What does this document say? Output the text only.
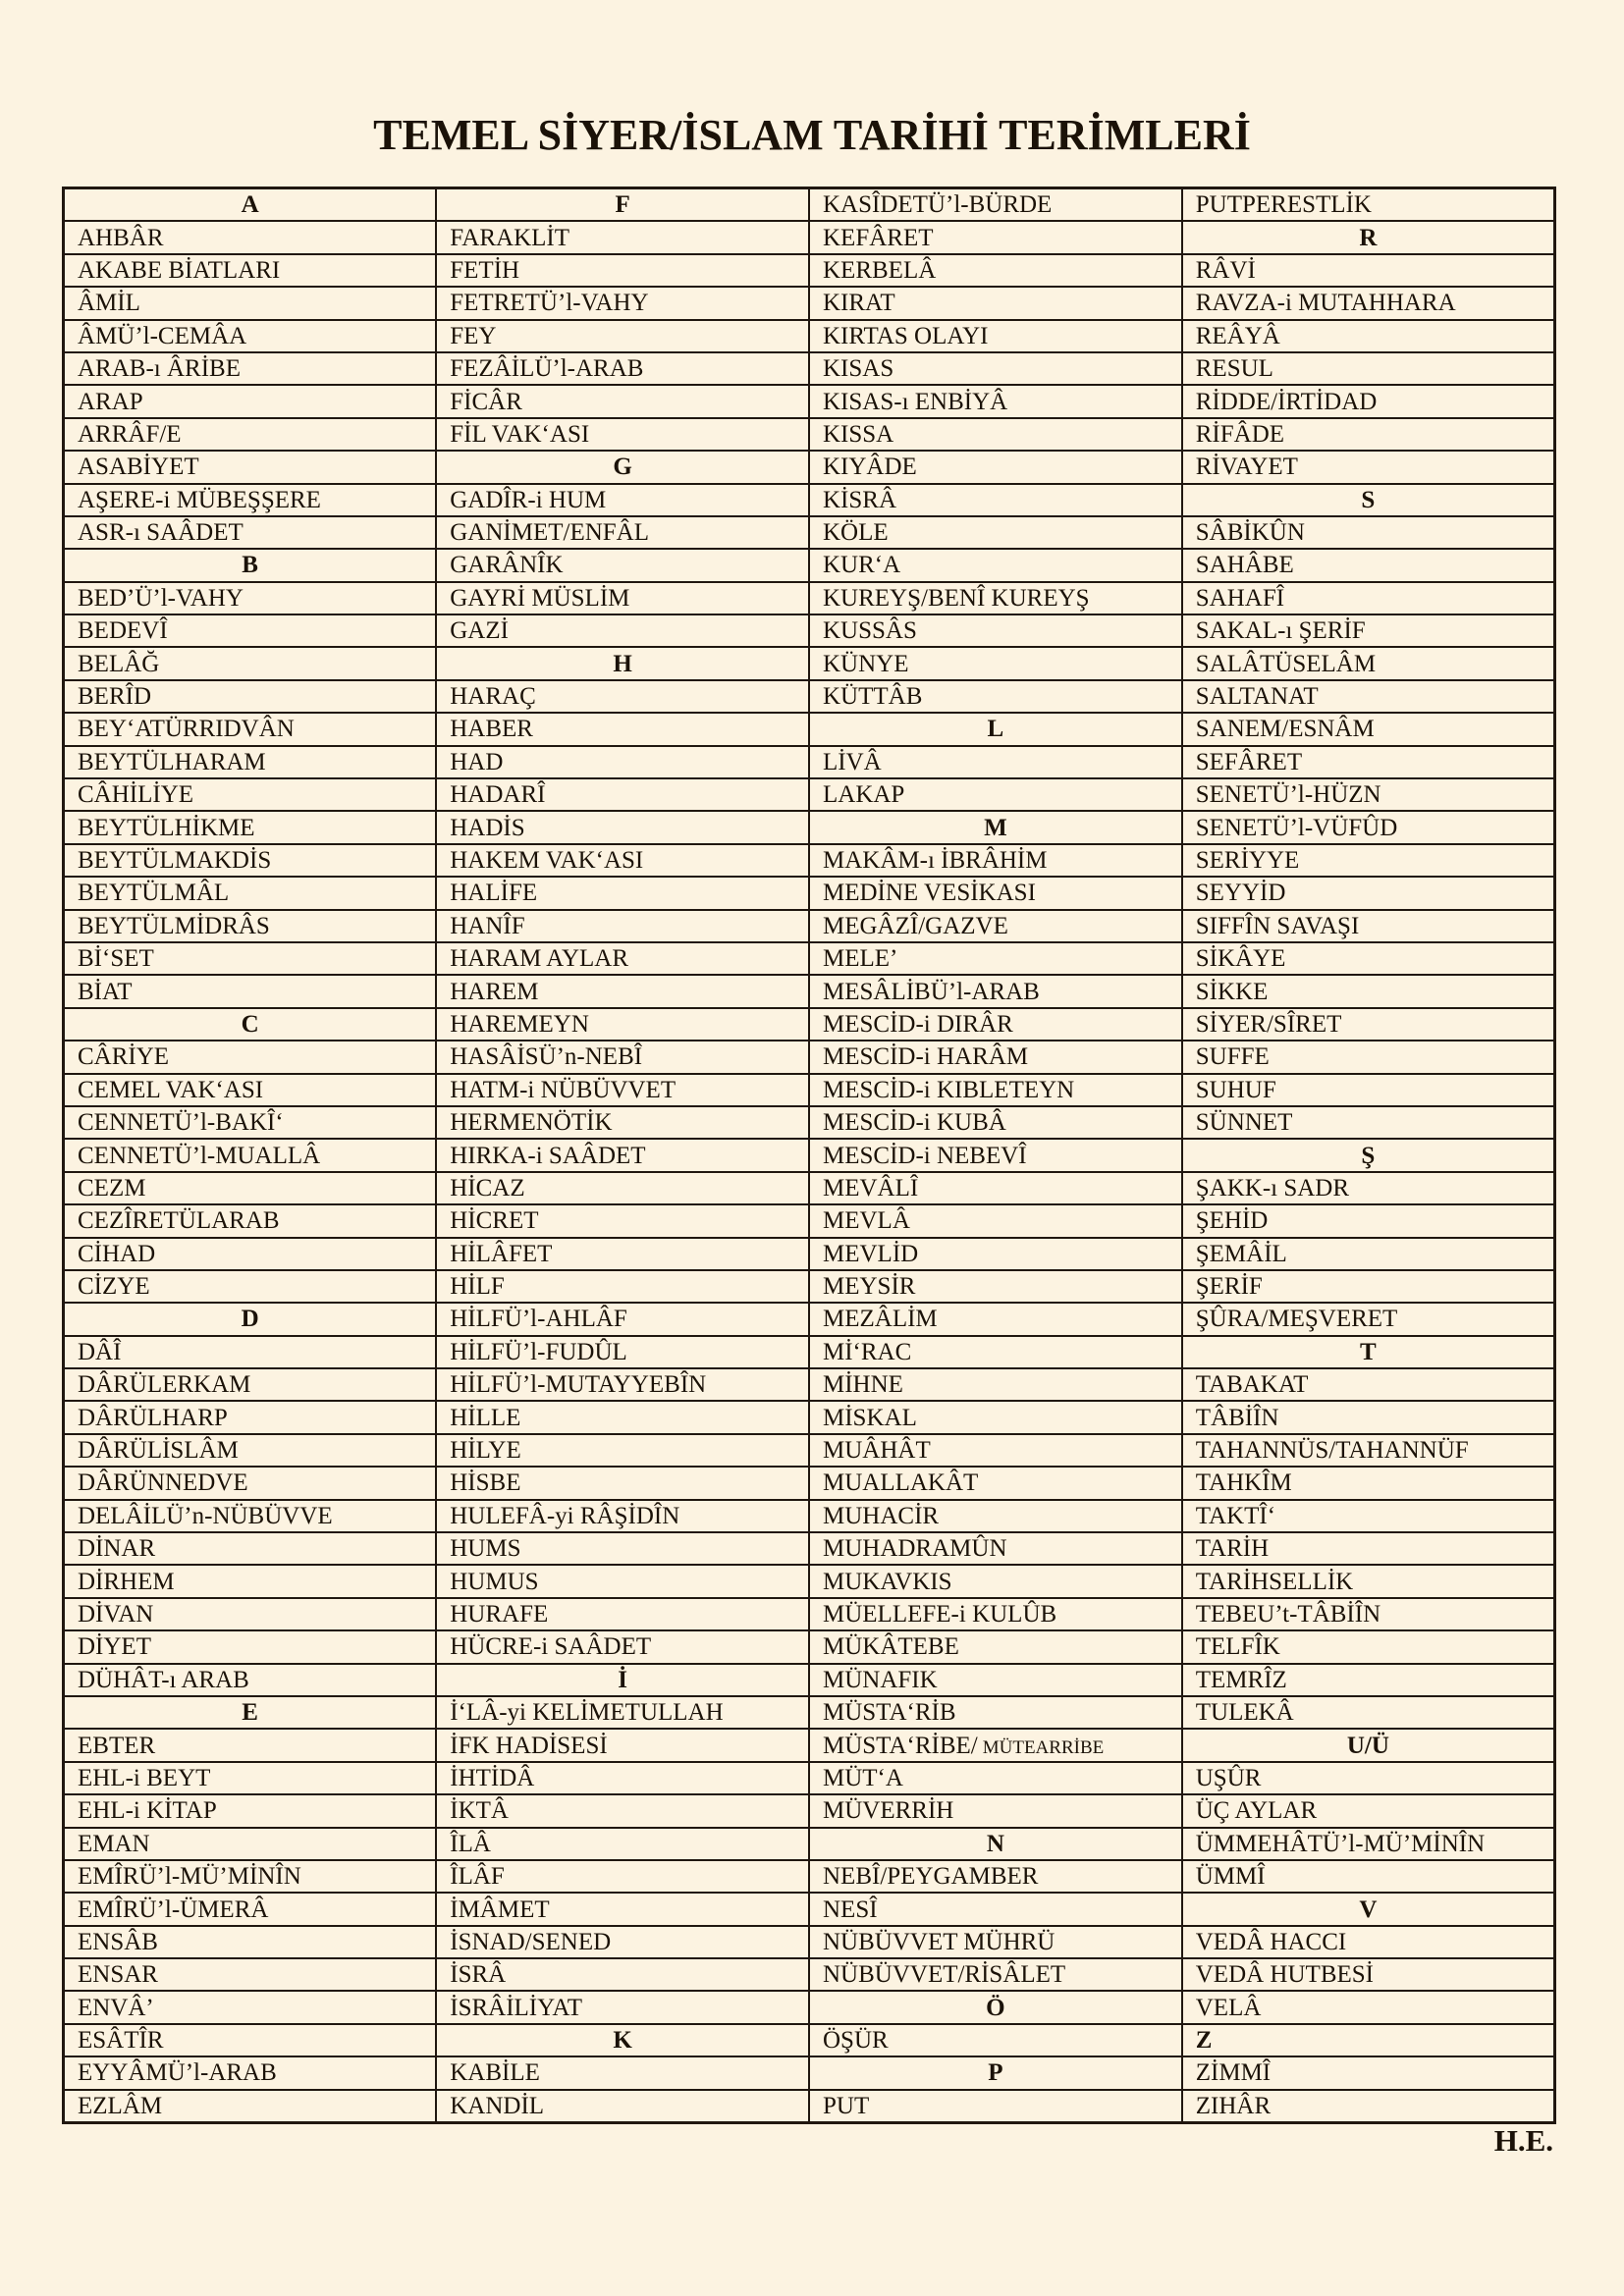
TEMEL SİYER/İSLAM TARİHİ TERİMLERİ
A	F	KASÎDETÜ’l-BÜRDE	PUTPERESTLİK
AHBÂR	FARAKLİT	KEFÂRET	R
AKABE BİATLARI	FETİH	KERBELÂ	RÂVİ
ÂMİL	FETRETÜ’l-VAHY	KIRAT	RAVZA-i MUTAHHARA
ÂMÜ’l-CEMÂA	FEY	KIRTAS OLAYI	REÂYÂ
ARAB-ı ÂRİBE	FEZÂİLÜ’l-ARAB	KISAS	RESUL
ARAP	FİCÂR	KISAS-ı ENBİYÂ	RİDDE/İRTİDAD
ARRÂF/E	FİL VAK‘ASI	KISSA	RİFÂDE
ASABİYET	G	KIYÂDE	RİVAYET
AŞERE-i MÜBEŞŞERE	GADÎR-i HUM	KİSRÂ	S
ASR-ı SAÂDET	GANİMET/ENFÂL	KÖLE	SÂBİKÛN
B	GARÂNÎK	KUR‘A	SAHÂBE
BED’Ü’l-VAHY	GAYRİ MÜSLİM	KUREYŞ/BENÎ KUREYŞ	SAHAFÎ
BEDEVÎ	GAZİ	KUSSÂS	SAKAL-ı ŞERİF
BELÂĞ	H	KÜNYE	SALÂTÜSELÂM
BERÎD	HARAÇ	KÜTTÂB	SALTANAT
BEY‘ATÜRRIDVÂN	HABER	L	SANEM/ESNÂM
BEYTÜLHARAM	HAD	LİVÂ	SEFÂRET
CÂHİLİYE	HADARÎ	LAKAP	SENETÜ’l-HÜZN
BEYTÜLHİKME	HADİS	M	SENETÜ’l-VÜFÛD
BEYTÜLMAKDİS	HAKEM VAK‘ASI	MAKÂM-ı İBRÂHİM	SERİYYE
BEYTÜLMÂL	HALİFE	MEDİNE VESİKASI	SEYYİD
BEYTÜLMİDRÂS	HANÎF	MEGÂZÎ/GAZVE	SIFFÎN SAVAŞI
Bİ‘SET	HARAM AYLAR	MELE’	SİKÂYE
BİAT	HAREM	MESÂLİBÜ’l-ARAB	SİKKE
C	HAREMEYN	MESCİD-i DIRÂR	SİYER/SÎRET
CÂRİYE	HASÂİSÜ’n-NEBÎ	MESCİD-i HARÂM	SUFFE
CEMEL VAK‘ASI	HATM-i NÜBÜVVET	MESCİD-i KIBLETEYN	SUHUF
CENNETÜ’l-BAKÎ‘	HERMENÖTİK	MESCİD-i KUBÂ	SÜNNET
CENNETÜ’l-MUALLÂ	HIRKA-i SAÂDET	MESCİD-i NEBEVÎ	Ş
CEZM	HİCAZ	MEVÂLÎ	ŞAKK-ı SADR
CEZÎRETÜLARAB	HİCRET	MEVLÂ	ŞEHİD
CİHAD	HİLÂFET	MEVLİD	ŞEMÂİL
CİZYE	HİLF	MEYSİR	ŞERİF
D	HİLFÜ’l-AHLÂF	MEZÂLİM	ŞÛRA/MEŞVERET
DÂÎ	HİLFÜ’l-FUDÛL	Mİ‘RAC	T
DÂRÜLERKAM	HİLFÜ’l-MUTAYYEBÎN	MİHNE	TABAKAT
DÂRÜLHARP	HİLLE	MİSKAL	TÂBİÎN
DÂRÜLİSLÂM	HİLYE	MUÂHÂT	TAHANNÜS/TAHANNÜF
DÂRÜNNEDVE	HİSBE	MUALLAKÂT	TAHKÎM
DELÂİLÜ’n-NÜBÜVVE	HULEFÂ-yi RÂŞİDÎN	MUHACİR	TAKTÎ‘
DİNAR	HUMS	MUHADRAMÛN	TARİH
DİRHEM	HUMUS	MUKAVKIS	TARİHSELLİK
DİVAN	HURAFE	MÜELLEFE-i KULÛB	TEBEU’t-TÂBİÎN
DİYET	HÜCRE-i SAÂDET	MÜKÂTEBE	TELFÎK
DÜHÂT-ı ARAB	İ	MÜNAFIK	TEMRÎZ
E	İ‘LÂ-yi KELİMETULLAH	MÜSTA‘RİB	TULEKÂ
EBTER	İFK HADİSESİ	MÜSTA‘RİBE/ MÜTEARRİBE	U/Ü
EHL-i BEYT	İHTİDÂ	MÜT‘A	UŞÛR
EHL-i KİTAP	İKTÂ	MÜVERRİH	ÜÇ AYLAR
EMAN	ÎLÂ	N	ÜMMEHÂTÜ’l-MÜ’MİNÎN
EMÎRÜ’l-MÜ’MİNÎN	ÎLÂF	NEBÎ/PEYGAMBER	ÜMMÎ
EMÎRÜ’l-ÜMERÂ	İMÂMET	NESÎ	V
ENSÂB	İSNAD/SENED	NÜBÜVVET MÜHRÜ	VEDÂ HACCI
ENSAR	İSRÂ	NÜBÜVVET/RİSÂLET	VEDÂ HUTBESİ
ENVÂ’	İSRÂİLİYAT	Ö	VELÂ
ESÂTÎR	K	ÖŞÜR	Z
EYYÂMÜ’l-ARAB	KABİLE	P	ZİMMÎ
EZLÂM	KANDİL	PUT	ZIHÂR
H.E.
